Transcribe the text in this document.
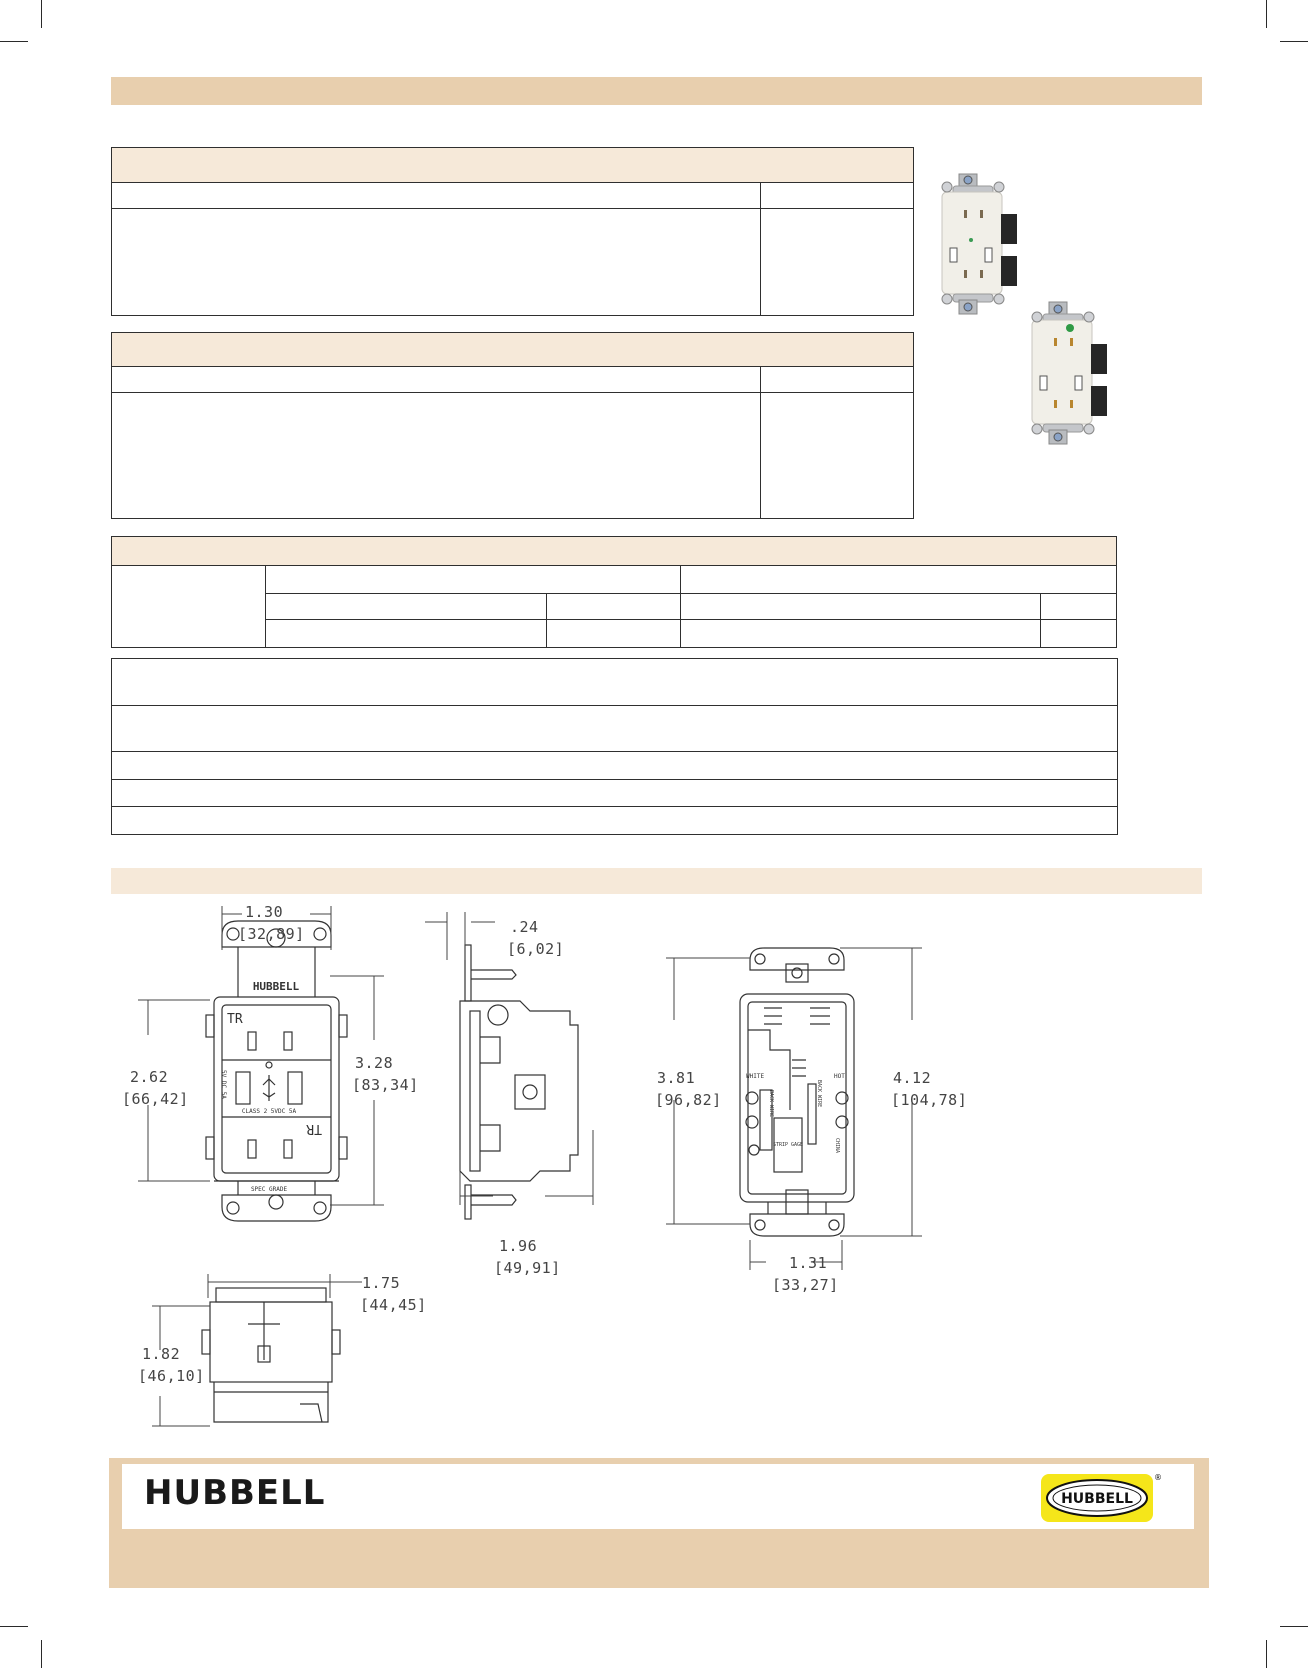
HUBBELL
TR
TR
5V DC 5A
CLASS 2 5VDC 5A
SPEC GRADE
1.30
[32,89]
2.62
[66,42]
3.28
[83,34]
.24
[6,02]
1.96
[49,91]
WHITE	HOT
STRIP GAGE
BACK WIRE	BACK WIRE
CHINA
3.81
[96,82]
4.12
[104,78]
1.31
[33,27]
1.75
[44,45]
1.82
[46,10]
HUBBELL	HUBBELL
®
